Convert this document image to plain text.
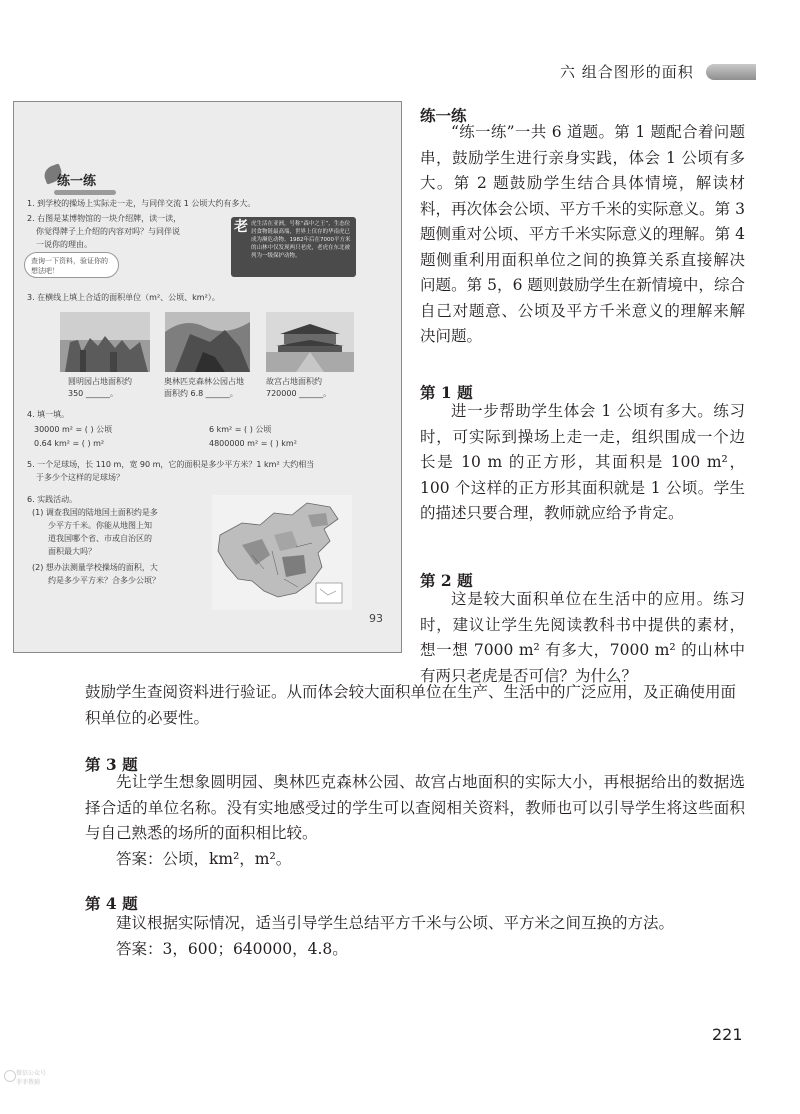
六 组合图形的面积
练一练
1. 到学校的操场上实际走一走，与同伴交流 1 公顷大约有多大。
2. 右图是某博物馆的一块介绍牌，读一读，
你觉得牌子上介绍的内容对吗？与同伴说
一说你的理由。
查询一下资料，验证你的想法吧！
老 虎生活在亚洲，号称“森中之王”，生态位居食物链最高端，世界上仅存的华南虎已成为濒危动物。1982年后在7000平方米的山林中仅发现两只老虎，老虎在东北被列为一级保护动物。
3. 在横线上填上合适的面积单位（m²、公顷、km²）。
圆明园占地面积约
350 ______。
奥林匹克森林公园占地
面积约 6.8 ______。
故宫占地面积约
720000 ______。
4. 填一填。
30000 m² = ( ) 公顷	6 km² = ( ) 公顷
0.64 km² = ( ) m²	4800000 m² = ( ) km²
5. 一个足球场，长 110 m，宽 90 m，它的面积是多少平方米？1 km² 大约相当
于多少个这样的足球场？
6. 实践活动。
(1) 调查我国的陆地国土面积约是多
少平方千米。你能从地图上知
道我国哪个省、市或自治区的
面积最大吗？
(2) 想办法测量学校操场的面积，大
约是多少平方米？合多少公顷？
93
练一练

“练一练”一共 6 道题。第 1 题配合着问题串，鼓励学生进行亲身实践，体会 1 公顷有多大。第 2 题鼓励学生结合具体情境，解读材料，再次体会公顷、平方千米的实际意义。第 3 题侧重对公顷、平方千米实际意义的理解。第 4 题侧重利用面积单位之间的换算关系直接解决问题。第 5，6 题则鼓励学生在新情境中，综合自己对题意、公顷及平方千米意义的理解来解决问题。

第 1 题

进一步帮助学生体会 1 公顷有多大。练习时，可实际到操场上走一走，组织围成一个边长是 10 m 的正方形，其面积是 100 m²，100 个这样的正方形其面积就是 1 公顷。学生的描述只要合理，教师就应给予肯定。

第 2 题

这是较大面积单位在生活中的应用。练习时，建议让学生先阅读教科书中提供的素材，想一想 7000 m² 有多大，7000 m² 的山林中有两只老虎是否可信？为什么？

鼓励学生查阅资料进行验证。从而体会较大面积单位在生产、生活中的广泛应用，及正确使用面积单位的必要性。

第 3 题

先让学生想象圆明园、奥林匹克森林公园、故宫占地面积的实际大小，再根据给出的数据选择合适的单位名称。没有实地感受过的学生可以查阅相关资料，教师也可以引导学生将这些面积与自己熟悉的场所的面积相比较。

答案：公顷，km²，m²。
第 4 题

建议根据实际情况，适当引导学生总结平方千米与公顷、平方米之间互换的方法。

答案：3，600；640000，4.8。
221
微信公众号
菲菲教辅
